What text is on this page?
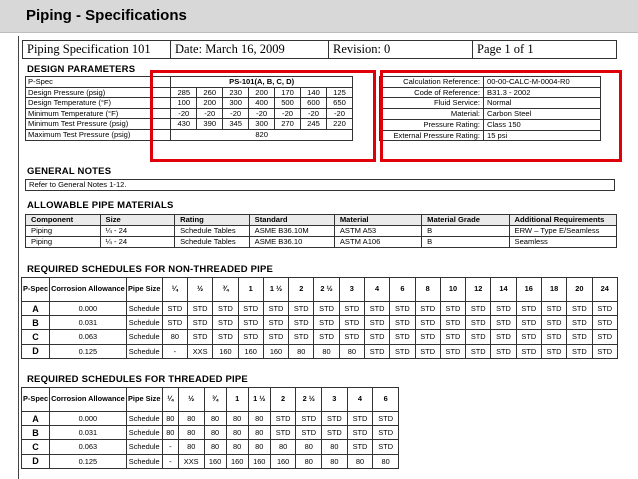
Piping - Specifications
Piping Specification 101	Date: March 16, 2009	Revision: 0	Page 1 of 1
DESIGN PARAMETERS
P-Spec	PS-101(A, B, C, D)						
Design Pressure (psig)	285	260	230	200	170	140	125
Design Temperature (°F)	100	200	300	400	500	600	650
Minimum Temperature (°F)	-20	-20	-20	-20	-20	-20	-20
Minimum Test Pressure (psig)	430	390	345	300	270	245	220
Maximum Test Pressure (psig)	820						
Calculation Reference:	00-00-CALC-M-0004-R0
Code of Reference:	B31.3 - 2002
Fluid Service:	Normal
Material:	Carbon Steel
Pressure Rating:	Class 150
External Pressure Rating:	15 psi
GENERAL NOTES
Refer to General Notes 1-12.
ALLOWABLE PIPE MATERIALS
Component	Size	Rating	Standard	Material	Material Grade	Additional Requirements
Piping	¼ - 24	Schedule Tables	ASME B36.10M	ASTM A53	B	ERW – Type E/Seamless
Piping	¼ - 24	Schedule Tables	ASME B36.10	ASTM A106	B	Seamless
REQUIRED SCHEDULES FOR NON-THREADED PIPE
P-Spec	Corrosion Allowance	Pipe Size	¼	½	¾	1	1 ½	2	2 ½	3	4	6	8	10	12	14	16	18	20	24
A	0.000	Schedule	STD	STD	STD	STD	STD	STD	STD	STD	STD	STD	STD	STD	STD	STD	STD	STD	STD	STD
B	0.031	Schedule	STD	STD	STD	STD	STD	STD	STD	STD	STD	STD	STD	STD	STD	STD	STD	STD	STD	STD
C	0.063	Schedule	80	STD	STD	STD	STD	STD	STD	STD	STD	STD	STD	STD	STD	STD	STD	STD	STD	STD
D	0.125	Schedule	-	XXS	160	160	160	80	80	80	STD	STD	STD	STD	STD	STD	STD	STD	STD	STD
REQUIRED SCHEDULES FOR THREADED PIPE
P-Spec	Corrosion Allowance	Pipe Size	¼	½	¾	1	1 ½	2	2 ½	3	4	6
A	0.000	Schedule	80	80	80	80	80	STD	STD	STD	STD	STD
B	0.031	Schedule	80	80	80	80	80	STD	STD	STD	STD	STD
C	0.063	Schedule	-	80	80	80	80	80	80	80	STD	STD
D	0.125	Schedule	-	XXS	160	160	160	160	80	80	80	80
